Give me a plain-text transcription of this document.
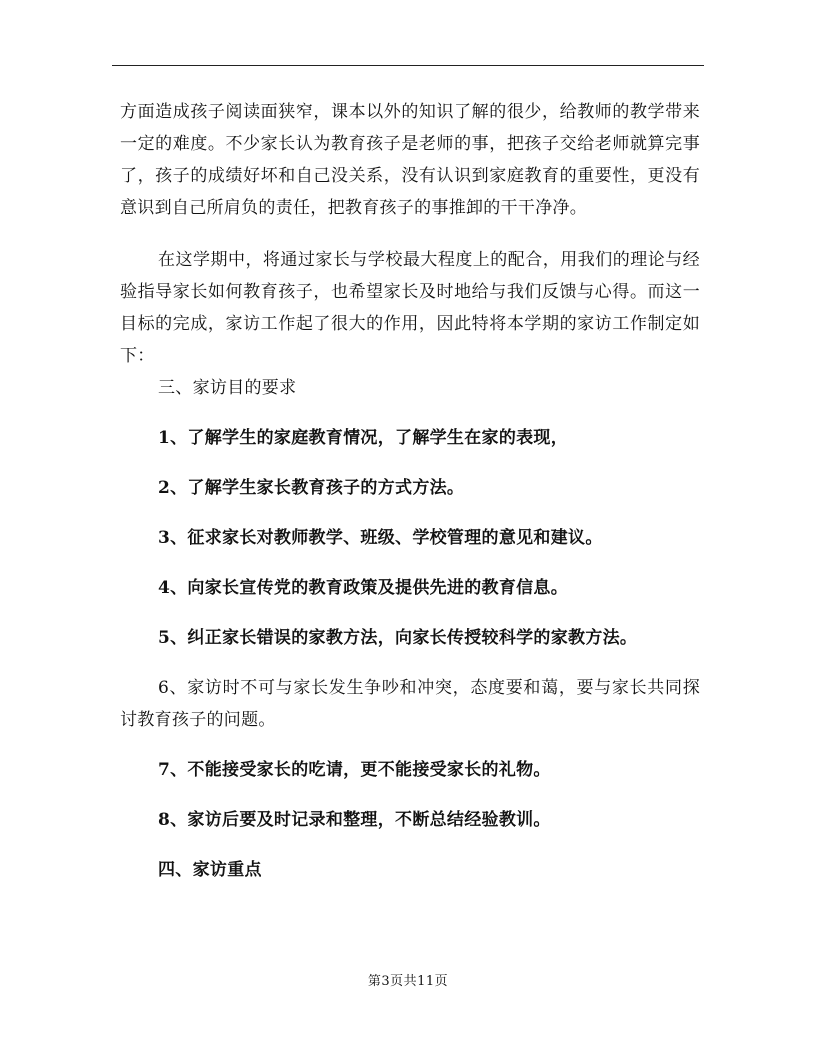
方面造成孩子阅读面狭窄，课本以外的知识了解的很少，给教师的教学带来一定的难度。不少家长认为教育孩子是老师的事，把孩子交给老师就算完事了，孩子的成绩好坏和自己没关系，没有认识到家庭教育的重要性，更没有意识到自己所肩负的责任，把教育孩子的事推卸的干干净净。

在这学期中，将通过家长与学校最大程度上的配合，用我们的理论与经验指导家长如何教育孩子，也希望家长及时地给与我们反馈与心得。而这一目标的完成，家访工作起了很大的作用，因此特将本学期的家访工作制定如下：

三、家访目的要求

1、了解学生的家庭教育情况，了解学生在家的表现，

2、了解学生家长教育孩子的方式方法。

3、征求家长对教师教学、班级、学校管理的意见和建议。

4、向家长宣传党的教育政策及提供先进的教育信息。

5、纠正家长错误的家教方法，向家长传授较科学的家教方法。

6、家访时不可与家长发生争吵和冲突，态度要和蔼，要与家长共同探讨教育孩子的问题。

7、不能接受家长的吃请，更不能接受家长的礼物。

8、家访后要及时记录和整理，不断总结经验教训。

四、家访重点

第3页共11页
